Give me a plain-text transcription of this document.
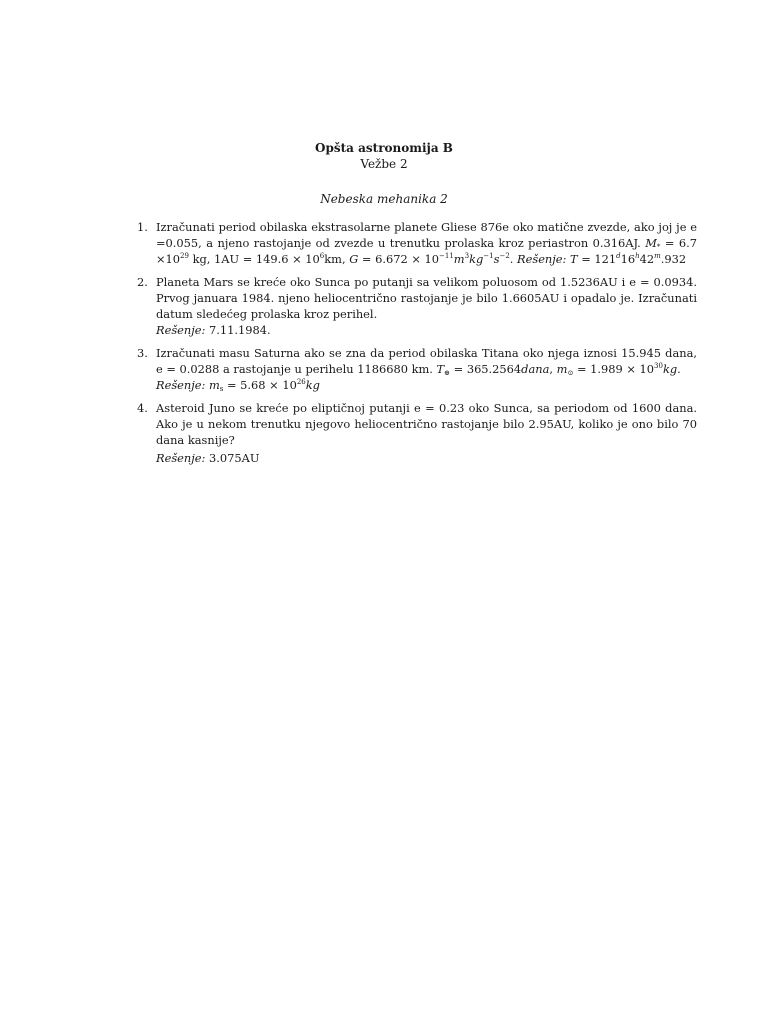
Opšta astronomija B
Vežbe 2
Nebeska mehanika 2
1. Izračunati period obilaska ekstrasolarne planete Gliese 876e oko matične zvezde, ako joj je e =0.055, a njeno rastojanje od zvezde u trenutku prolaska kroz periastron 0.316AJ. $M_* = 6.7 \times 10^{29}$ kg, $1AU = 149.6 \times 10^6km$, $G = 6.672 \times 10^{-11}m^3kg^{-1}s^{-2}$. Rešenje: $T = 121^d16^h42^m.932$
2. Planeta Mars se kreće oko Sunca po putanji sa velikom poluosom od 1.5236AU i e = 0.0934. Prvog januara 1984. njeno heliocentrično rastojanje je bilo 1.6605AU i opadalo je. Izračunati datum sledećeg prolaska kroz perihel.

Rešenje: 7.11.1984.

3. Izračunati masu Saturna ako se zna da period obilaska Titana oko njega iznosi 15.945 dana, e = 0.0288 a rastojanje u perihelu 1186680 km. $T_\oplus$ = 365.2564dana, $m_⊙ = 1.989 \times 10^{30}kg$.

Rešenje: $m_s = 5.68 \times 10^{26}kg$

4. Asteroid Juno se kreće po eliptičnoj putanji e = 0.23 oko Sunca, sa periodom od 1600 dana. Ako je u nekom trenutku njegovo heliocentrično rastojanje bilo 2.95AU, koliko je ono bilo 70 dana kasnije?

Rešenje: 3.075AU
